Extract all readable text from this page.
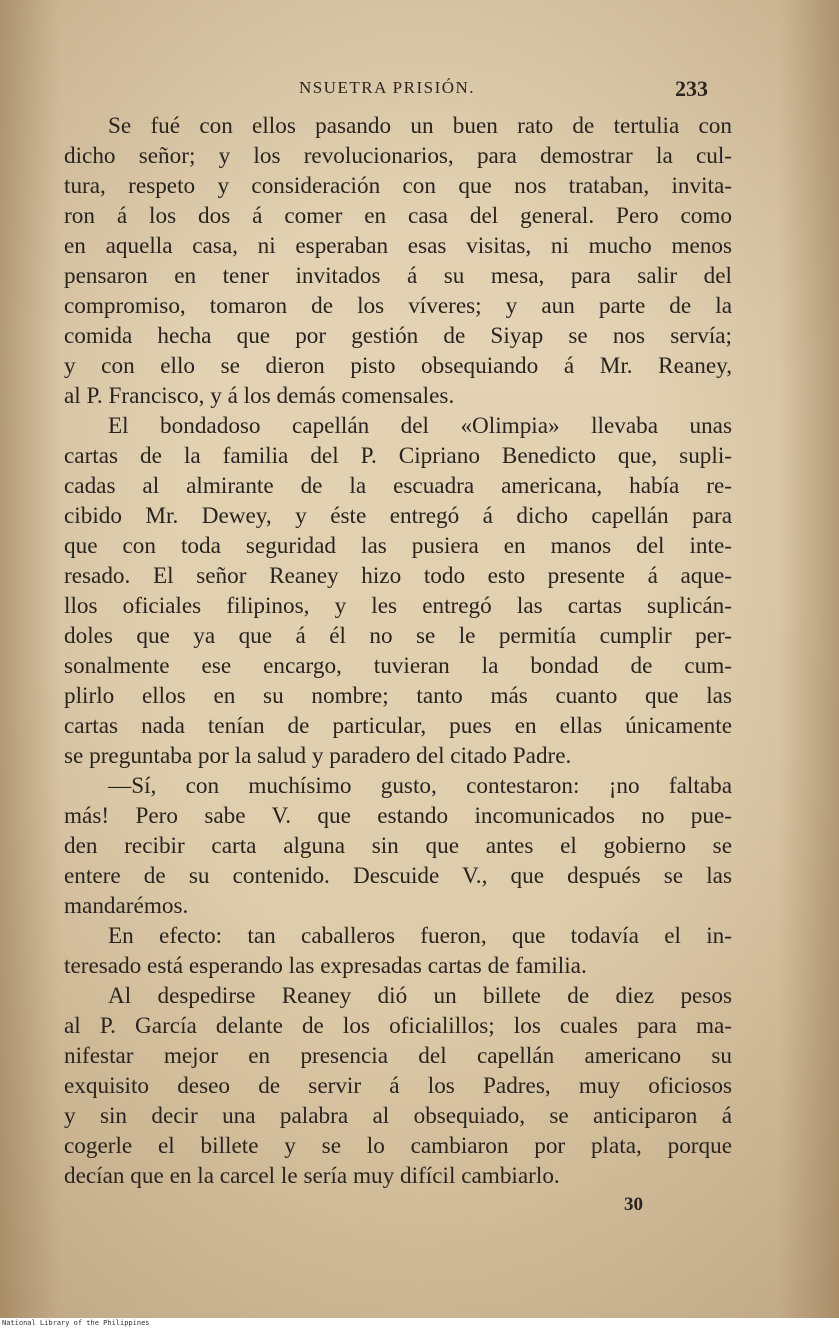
NSUETRA PRISIÓN.	233
Se fué con ellos pasando un buen rato de tertulia con
dicho señor; y los revolucionarios, para demostrar la cul-
tura, respeto y consideración con que nos trataban, invita-
ron á los dos á comer en casa del general. Pero como
en aquella casa, ni esperaban esas visitas, ni mucho menos
pensaron en tener invitados á su mesa, para salir del
compromiso, tomaron de los víveres; y aun parte de la
comida hecha que por gestión de Siyap se nos servía;
y con ello se dieron pisto obsequiando á Mr. Reaney,
al P. Francisco, y á los demás comensales.
El bondadoso capellán del «Olimpia» llevaba unas
cartas de la familia del P. Cipriano Benedicto que, supli-
cadas al almirante de la escuadra americana, había re-
cibido Mr. Dewey, y éste entregó á dicho capellán para
que con toda seguridad las pusiera en manos del inte-
resado. El señor Reaney hizo todo esto presente á aque-
llos oficiales filipinos, y les entregó las cartas suplicán-
doles que ya que á él no se le permitía cumplir per-
sonalmente ese encargo, tuvieran la bondad de cum-
plirlo ellos en su nombre; tanto más cuanto que las
cartas nada tenían de particular, pues en ellas únicamente
se preguntaba por la salud y paradero del citado Padre.
—Sí, con muchísimo gusto, contestaron: ¡no faltaba
más! Pero sabe V. que estando incomunicados no pue-
den recibir carta alguna sin que antes el gobierno se
entere de su contenido. Descuide V., que después se las
mandarémos.
En efecto: tan caballeros fueron, que todavía el in-
teresado está esperando las expresadas cartas de familia.
Al despedirse Reaney dió un billete de diez pesos
al P. García delante de los oficialillos; los cuales para ma-
nifestar mejor en presencia del capellán americano su
exquisito deseo de servir á los Padres, muy oficiosos
y sin decir una palabra al obsequiado, se anticiparon á
cogerle el billete y se lo cambiaron por plata, porque
decían que en la carcel le sería muy difícil cambiarlo.
30
National Library of the Philippines
